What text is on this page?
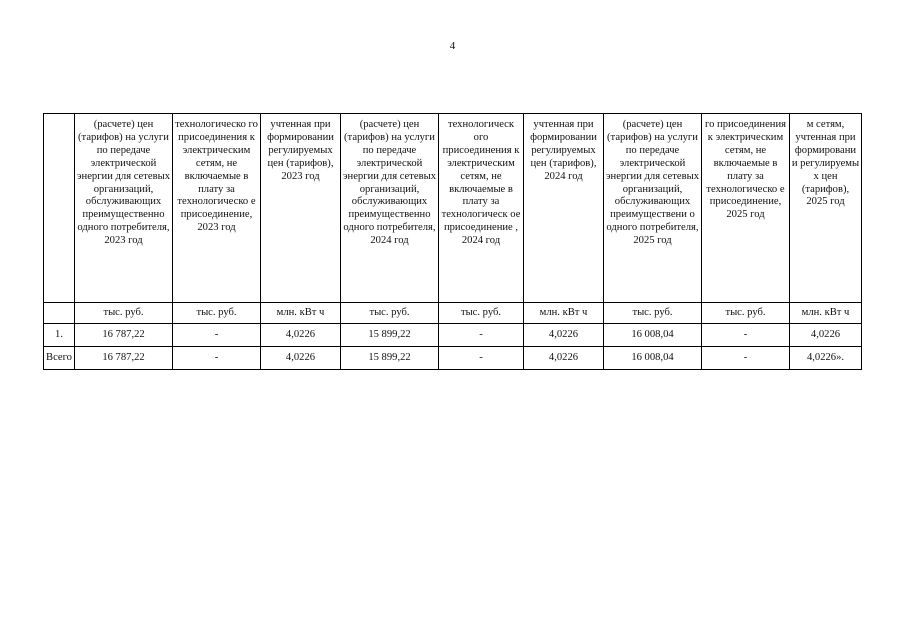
4
	(расчете) цен (тарифов) на услуги по передаче электрической энергии для сетевых организаций, обслуживающих преимущественно одного потребителя, 2023 год	технологическо го присоединения к электрическим сетям, не включаемые в плату за технологическо е присоединение, 2023 год	учтенная при формировании регулируемых цен (тарифов), 2023 год	(расчете) цен (тарифов) на услуги по передаче электрической энергии для сетевых организаций, обслуживающих преимущественно одного потребителя, 2024 год	технологическ ого присоединения к электрическим сетям, не включаемые в плату за технологическ ое присоединение , 2024 год	учтенная при формировании регулируемых цен (тарифов), 2024 год	(расчете) цен (тарифов) на услуги по передаче электрической энергии для сетевых организаций, обслуживающих преимуществени о одного потребителя, 2025 год	го присоединения к электрическим сетям, не включаемые в плату за технологическо е присоединение, 2025 год	м сетям, учтенная при формировани и регулируемы х цен (тарифов), 2025 год
	тыс. руб.	тыс. руб.	млн. кВт ч	тыс. руб.	тыс. руб.	млн. кВт ч	тыс. руб.	тыс. руб.	млн. кВт ч
1.	16 787,22	-	4,0226	15 899,22	-	4,0226	16 008,04	-	4,0226
Всего	16 787,22	-	4,0226	15 899,22	-	4,0226	16 008,04	-	4,0226».
